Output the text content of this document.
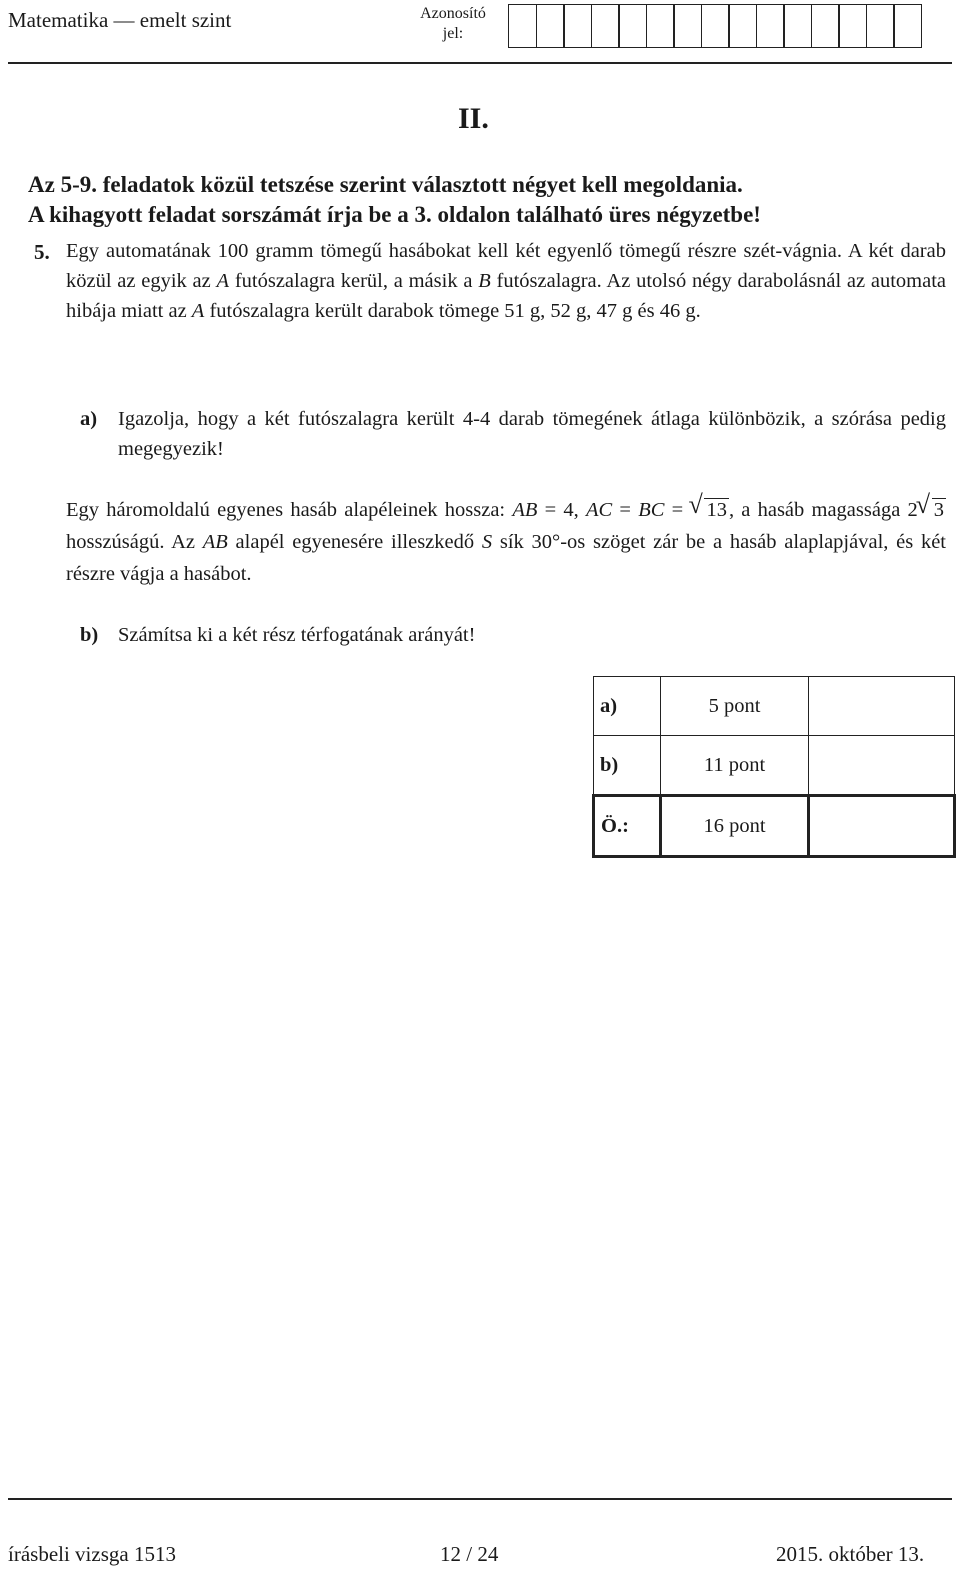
Matematika — emelt szint	Azonosító
jel:
II.
Az 5-9. feladatok közül tetszése szerint választott négyet kell megoldania.
A kihagyott feladat sorszámát írja be a 3. oldalon található üres négyzetbe!
5. Egy automatának 100 gramm tömegű hasábokat kell két egyenlő tömegű részre szét-vágnia. A két darab közül az egyik az A futószalagra kerül, a másik a B futószalagra. Az utolsó négy darabolásnál az automata hibája miatt az A futószalagra került darabok tömege 51 g, 52 g, 47 g és 46 g.
a) Igazolja, hogy a két futószalagra került 4-4 darab tömegének átlaga különbözik, a szórása pedig megegyezik!
Egy háromoldalú egyenes hasáb alapéleinek hossza: AB = 4, AC = BC = √ 13, a hasáb magassága 2 √ 3 hosszúságú. Az AB alapél egyenesére illeszkedő S sík 30°-os szöget zár be a hasáb alaplapjával, és két részre vágja a hasábot.
b) Számítsa ki a két rész térfogatának arányát!
a)	5 pont	
b)	11 pont	
Ö.:	16 pont	
írásbeli vizsga 1513	12 / 24	2015. október 13.
